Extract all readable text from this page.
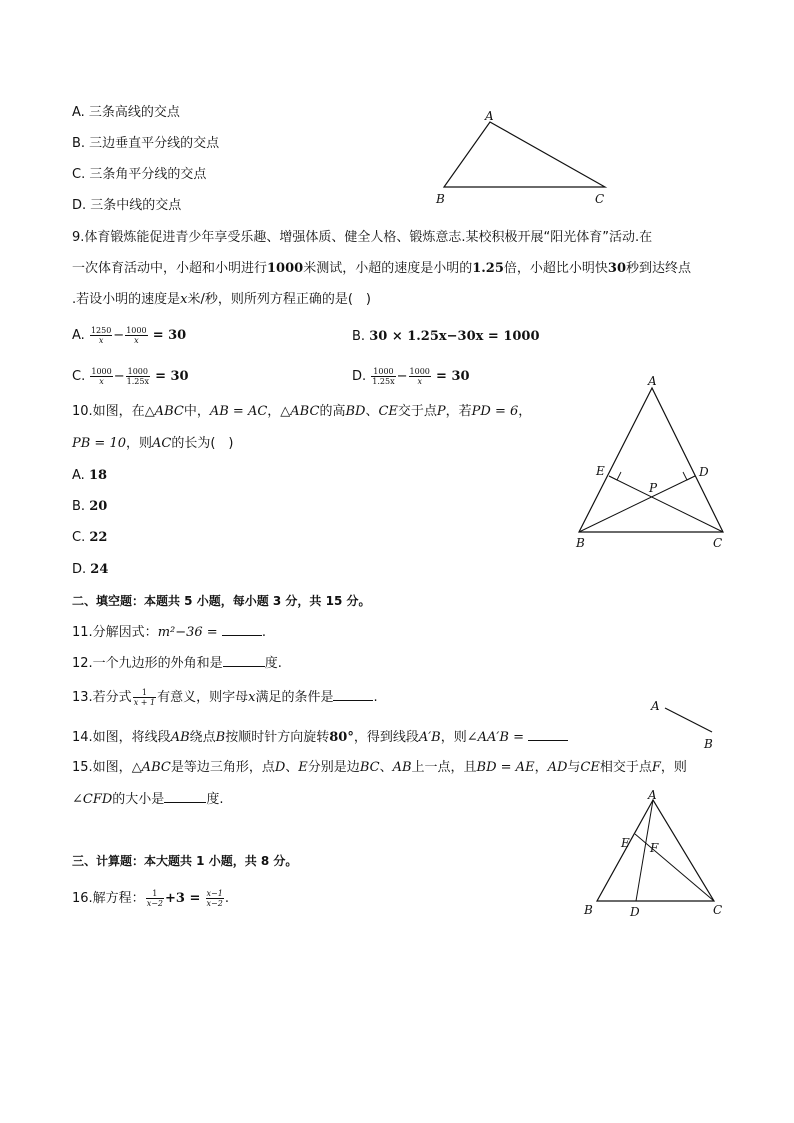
A. 三条高线的交点
B. 三边垂直平分线的交点
C. 三条角平分线的交点
D. 三条中线的交点
A
B	C
9.体育锻炼能促进青少年享受乐趣、增强体质、健全人格、锻炼意志.某校积极开展“阳光体育”活动.在
一次体育活动中，小超和小明进行1000米测试，小超的速度是小明的1.25倍，小超比小明快30秒到达终点
.若设小明的速度是x米/秒，则所列方程正确的是(　)
A. $\frac{1250}{x} - \frac{1000}{x} = 30$	B. 30 × 1.25x−30x = 1000
C. $\frac{1000}{x} - \frac{1000}{1.25x} = 30$	D. $\frac{1000}{1.25x} - \frac{1000}{x} = 30$
10.如图，在△ABC中，AB = AC，△ABC的高BD、CE交于点P，若PD = 6，
PB = 10，则AC的长为(　)
A. 18
B. 20
C. 22
D. 24
A
E	D
P
B	C
二、填空题：本题共 5 小题，每小题 3 分，共 15 分。
11.分解因式：m²−36 =	.
12.一个九边形的外角和是	度.
13.若分式 $\frac{1}{x + 1}$ 有意义，则字母x满足的条件是	.
A
B
14.如图，将线段AB绕点B按顺时针方向旋转80°，得到线段A′B，则∠AA′B =
15.如图，△ABC是等边三角形，点D、E分别是边BC、AB上一点，且BD = AE，AD与CE相交于点F，则
∠CFD的大小是	度.	A
E F
B	D	C
三、计算题：本大题共 1 小题，共 8 分。
16.解方程： $\frac{1}{x-2} +3 = \frac{x-1}{x-2}$ .
